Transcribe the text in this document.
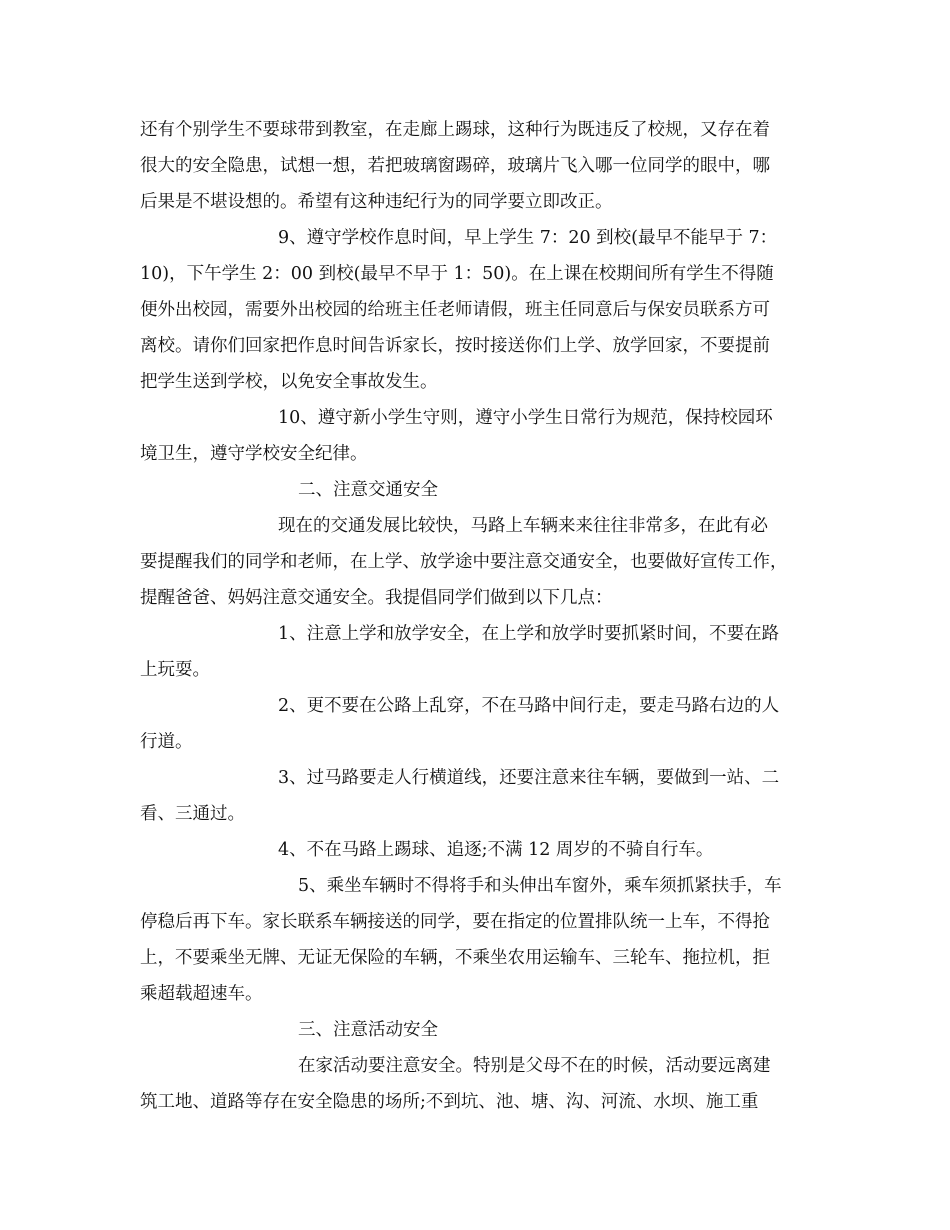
还有个别学生不要球带到教室，在走廊上踢球，这种行为既违反了校规，又存在着
很大的安全隐患，试想一想，若把玻璃窗踢碎，玻璃片飞入哪一位同学的眼中，哪
后果是不堪设想的。希望有这种违纪行为的同学要立即改正。
9、遵守学校作息时间，早上学生 7：20 到校(最早不能早于 7：
10)，下午学生 2：00 到校(最早不早于 1：50)。在上课在校期间所有学生不得随
便外出校园，需要外出校园的给班主任老师请假，班主任同意后与保安员联系方可
离校。请你们回家把作息时间告诉家长，按时接送你们上学、放学回家，不要提前
把学生送到学校，以免安全事故发生。
10、遵守新小学生守则，遵守小学生日常行为规范，保持校园环
境卫生，遵守学校安全纪律。
二、注意交通安全
现在的交通发展比较快，马路上车辆来来往往非常多，在此有必
要提醒我们的同学和老师，在上学、放学途中要注意交通安全，也要做好宣传工作，
提醒爸爸、妈妈注意交通安全。我提倡同学们做到以下几点：
1、注意上学和放学安全，在上学和放学时要抓紧时间，不要在路
上玩耍。
2、更不要在公路上乱穿，不在马路中间行走，要走马路右边的人
行道。
3、过马路要走人行横道线，还要注意来往车辆，要做到一站、二
看、三通过。
4、不在马路上踢球、追逐;不满 12 周岁的不骑自行车。
5、乘坐车辆时不得将手和头伸出车窗外，乘车须抓紧扶手，车
停稳后再下车。家长联系车辆接送的同学，要在指定的位置排队统一上车，不得抢
上，不要乘坐无牌、无证无保险的车辆，不乘坐农用运输车、三轮车、拖拉机，拒
乘超载超速车。
三、注意活动安全
在家活动要注意安全。特别是父母不在的时候，活动要远离建
筑工地、道路等存在安全隐患的场所;不到坑、池、塘、沟、河流、水坝、施工重
